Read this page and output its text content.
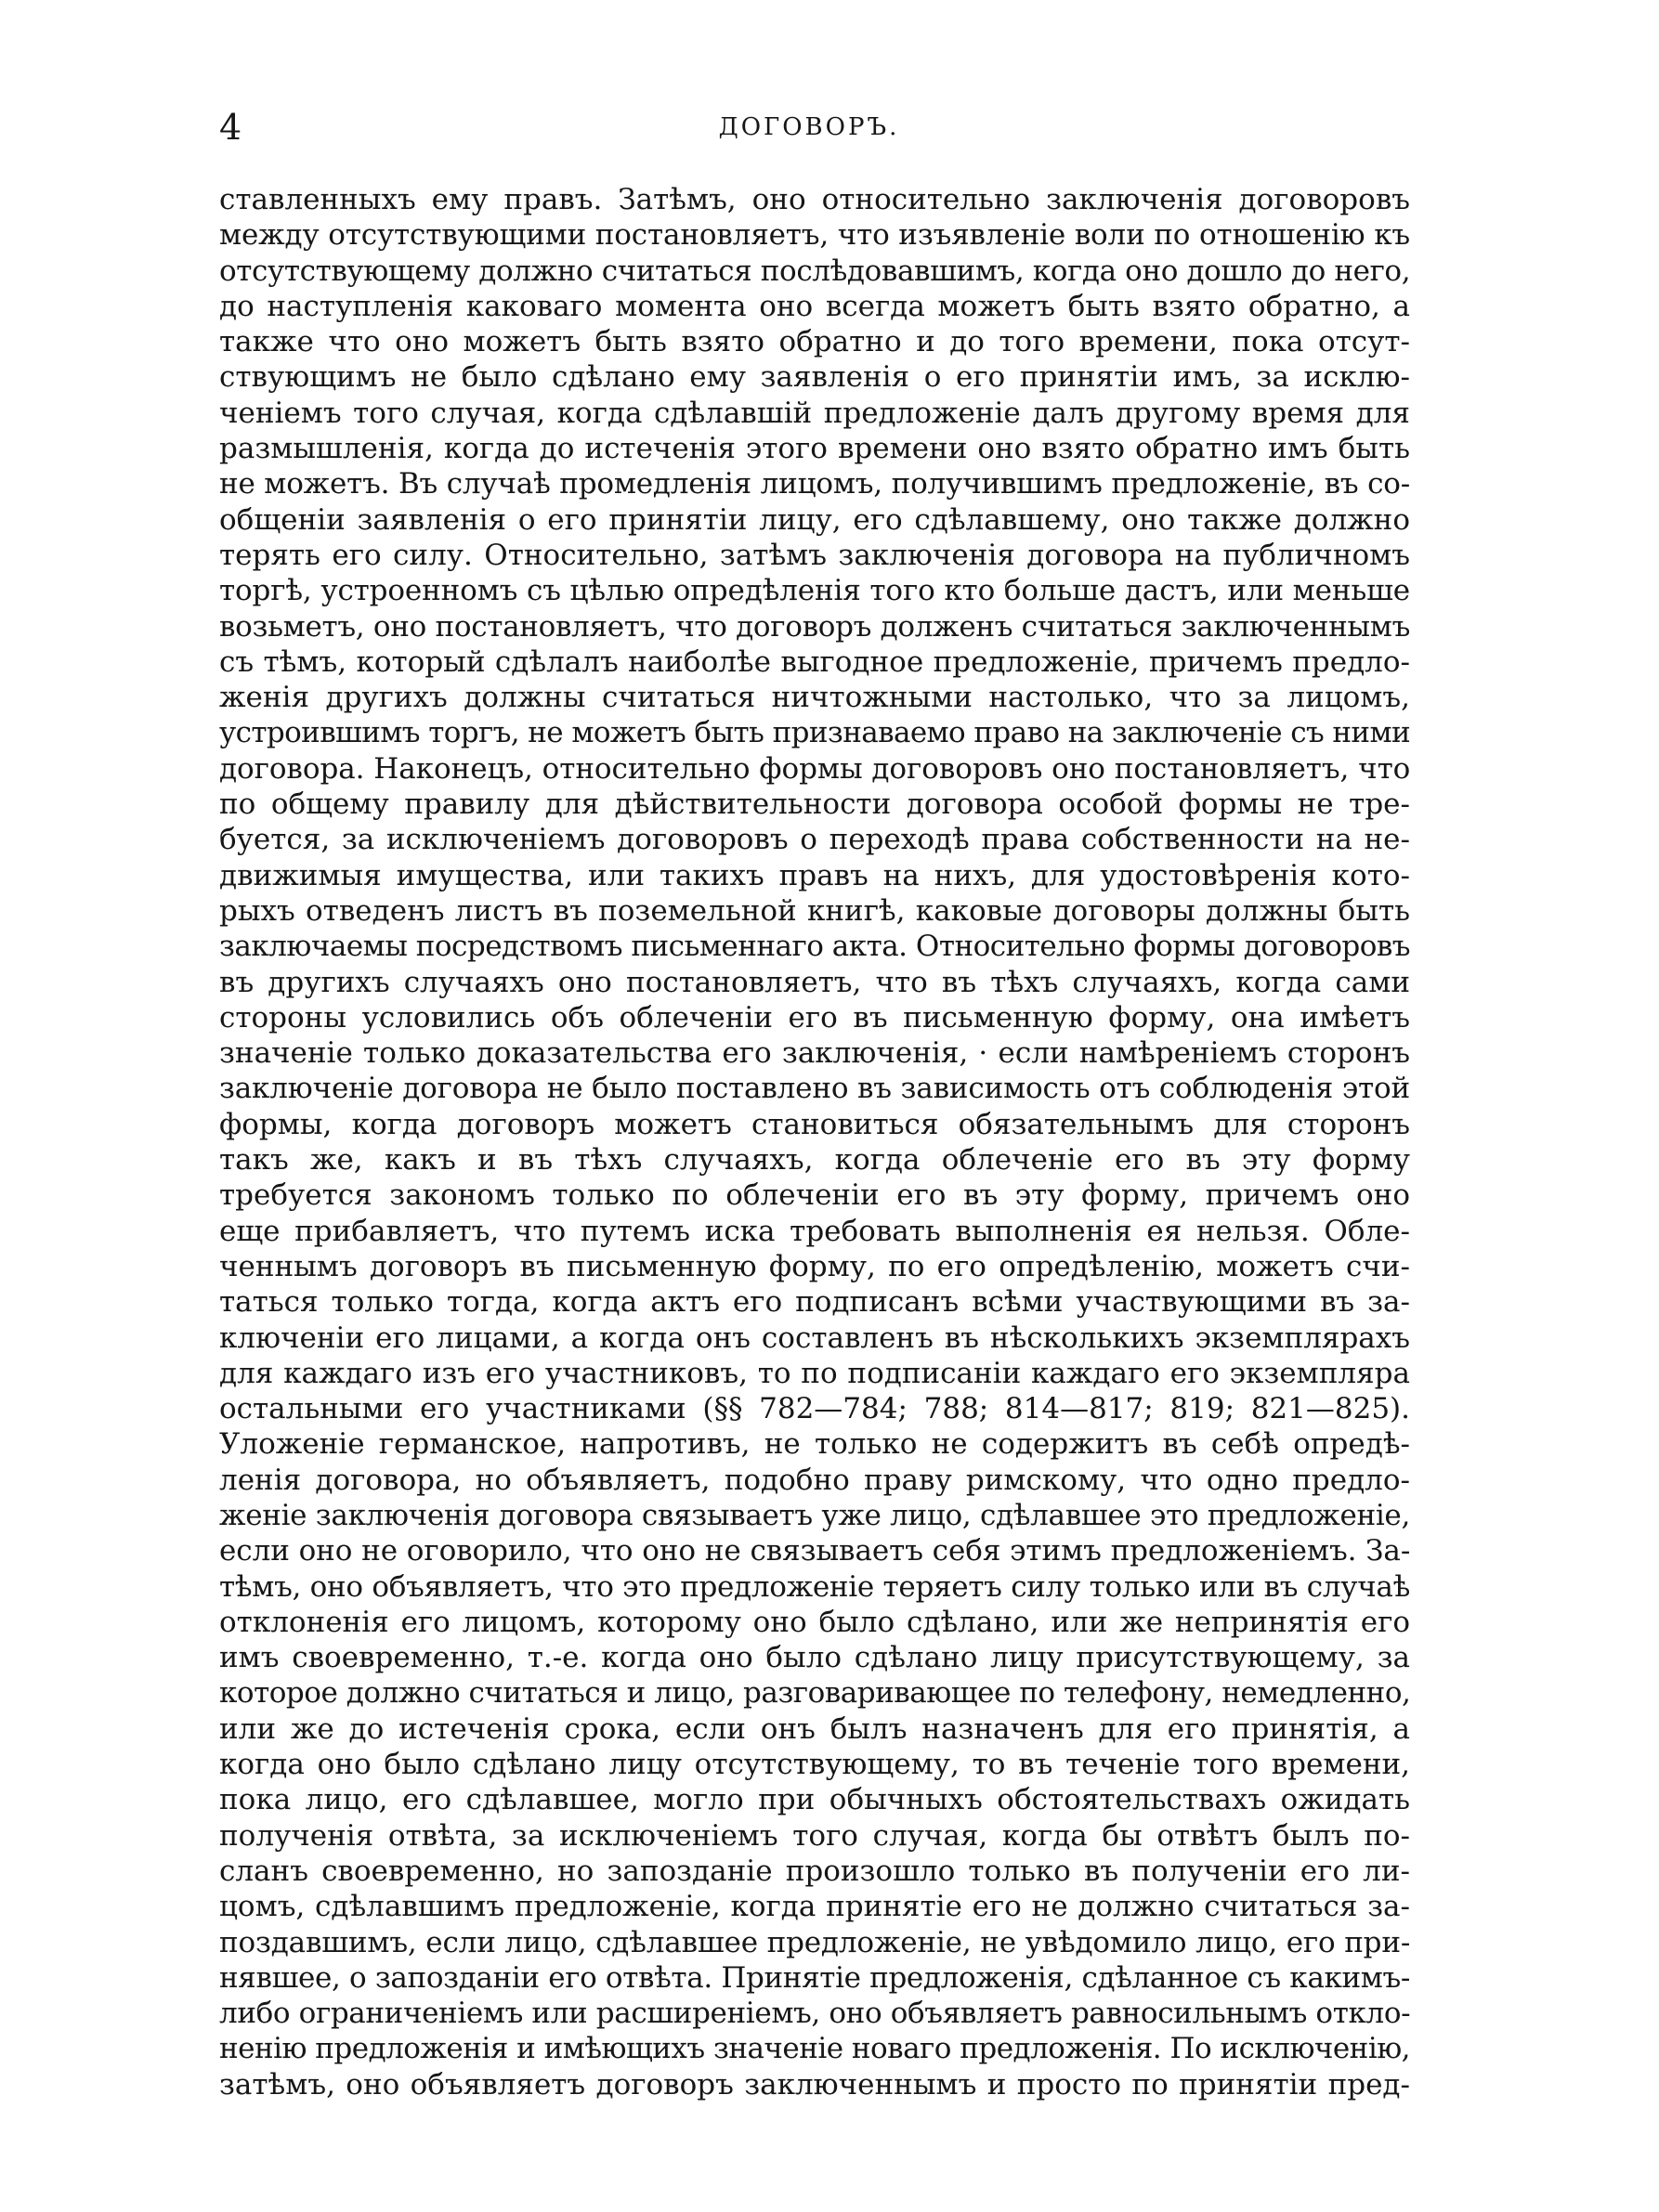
4	ДОГОВОРЪ.
ставленныхъ ему правъ. Затѣмъ, оно относительно заключенія договоровъ
между отсутствующими постановляетъ, что изъявленіе воли по отношенію къ
отсутствующему должно считаться послѣдовавшимъ, когда оно дошло до него,
до наступленія каковаго момента оно всегда можетъ быть взято обратно, а
также что оно можетъ быть взято обратно и до того времени, пока отсут-
ствующимъ не было сдѣлано ему заявленія о его принятіи имъ, за исклю-
ченіемъ того случая, когда сдѣлавшій предложеніе далъ другому время для
размышленія, когда до истеченія этого времени оно взято обратно имъ быть
не можетъ. Въ случаѣ промедленія лицомъ, получившимъ предложеніе, въ со-
общеніи заявленія о его принятіи лицу, его сдѣлавшему, оно также должно
терять его силу. Относительно, затѣмъ заключенія договора на публичномъ
торгѣ, устроенномъ съ цѣлью опредѣленія того кто больше дастъ, или меньше
возьметъ, оно постановляетъ, что договоръ долженъ считаться заключеннымъ
съ тѣмъ, который сдѣлалъ наиболѣе выгодное предложеніе, причемъ предло-
женія другихъ должны считаться ничтожными настолько, что за лицомъ,
устроившимъ торгъ, не можетъ быть признаваемо право на заключеніе съ ними
договора. Наконецъ, относительно формы договоровъ оно постановляетъ, что
по общему правилу для дѣйствительности договора особой формы не тре-
буется, за исключеніемъ договоровъ о переходѣ права собственности на не-
движимыя имущества, или такихъ правъ на нихъ, для удостовѣренія кото-
рыхъ отведенъ листъ въ поземельной книгѣ, каковые договоры должны быть
заключаемы посредствомъ письменнаго акта. Относительно формы договоровъ
въ другихъ случаяхъ оно постановляетъ, что въ тѣхъ случаяхъ, когда сами
стороны условились объ облеченіи его въ письменную форму, она имѣетъ
значеніе только доказательства его заключенія, · если намѣреніемъ сторонъ
заключеніе договора не было поставлено въ зависимость отъ соблюденія этой
формы, когда договоръ можетъ становиться обязательнымъ для сторонъ
такъ же, какъ и въ тѣхъ случаяхъ, когда облеченіе его въ эту форму
требуется закономъ только по облеченіи его въ эту форму, причемъ оно
еще прибавляетъ, что путемъ иска требовать выполненія ея нельзя. Обле-
ченнымъ договоръ въ письменную форму, по его опредѣленію, можетъ счи-
таться только тогда, когда актъ его подписанъ всѣми участвующими въ за-
ключеніи его лицами, а когда онъ составленъ въ нѣсколькихъ экземплярахъ
для каждаго изъ его участниковъ, то по подписаніи каждаго его экземпляра
остальными его участниками (§§ 782—784; 788; 814—817; 819; 821—825).
Уложеніе германское, напротивъ, не только не содержитъ въ себѣ опредѣ-
ленія договора, но объявляетъ, подобно праву римскому, что одно предло-
женіе заключенія договора связываетъ уже лицо, сдѣлавшее это предложеніе,
если оно не оговорило, что оно не связываетъ себя этимъ предложеніемъ. За-
тѣмъ, оно объявляетъ, что это предложеніе теряетъ силу только или въ случаѣ
отклоненія его лицомъ, которому оно было сдѣлано, или же непринятія его
имъ своевременно, т.-е. когда оно было сдѣлано лицу присутствующему, за
которое должно считаться и лицо, разговаривающее по телефону, немедленно,
или же до истеченія срока, если онъ былъ назначенъ для его принятія, а
когда оно было сдѣлано лицу отсутствующему, то въ теченіе того времени,
пока лицо, его сдѣлавшее, могло при обычныхъ обстоятельствахъ ожидать
полученія отвѣта, за исключеніемъ того случая, когда бы отвѣтъ былъ по-
сланъ своевременно, но запозданіе произошло только въ полученіи его ли-
цомъ, сдѣлавшимъ предложеніе, когда принятіе его не должно считаться за-
поздавшимъ, если лицо, сдѣлавшее предложеніе, не увѣдомило лицо, его при-
нявшее, о запозданіи его отвѣта. Принятіе предложенія, сдѣланное съ какимъ-
либо ограниченіемъ или расширеніемъ, оно объявляетъ равносильнымъ откло-
ненію предложенія и имѣющихъ значеніе новаго предложенія. По исключенію,
затѣмъ, оно объявляетъ договоръ заключеннымъ и просто по принятіи пред-
